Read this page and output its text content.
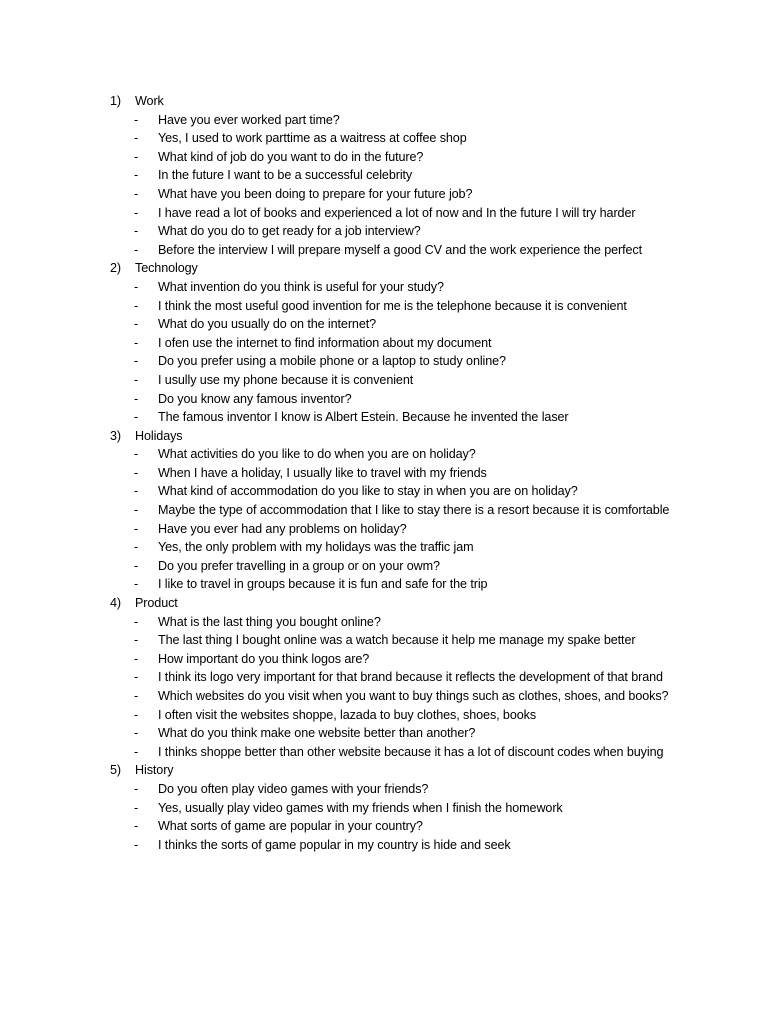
1)	Work
-	Have you ever worked part time?
-	Yes, I used to work parttime as a waitress at coffee shop
-	What kind of job do you want to do in the future?
-	In the future I want to be a successful celebrity
-	What have you been doing to prepare for your future job?
-	I have read a lot of books and experienced a lot of now and In the future I will try harder
-	What do you do to get ready for a job interview?
-	Before the interview I will prepare myself a good CV and the work experience the perfect
2)	Technology
-	What invention do you think is useful for your study?
-	I think the most useful good invention for me is the telephone because it is convenient
-	What do you usually do on the internet?
-	I ofen use the internet to find information about my document
-	Do you prefer using a mobile phone or a laptop to study online?
-	I usully use my phone because it is convenient
-	Do you know any famous inventor?
-	The famous inventor I know is Albert Estein. Because he invented the laser
3)	Holidays
-	What activities do you like to do when you are on holiday?
-	When I have a holiday, I usually like to travel with my friends
-	What kind of accommodation do you like to stay in when you are on holiday?
-	Maybe the type of accommodation that I like to stay there is a resort because it is comfortable
-	Have you ever had any problems on holiday?
-	Yes, the only problem with my holidays was the traffic jam
-	Do you prefer travelling in a group or on your owm?
-	I like to travel in groups because it is fun and safe for the trip
4)	Product
-	What is the last thing you bought online?
-	The last thing I bought online was a watch because it help me manage my spake better
-	How important do you think logos are?
-	I think its logo very important for that brand because it reflects the development of that brand
-	Which websites do you visit when you want to buy things such as clothes, shoes, and books?
-	I often visit the websites shoppe, lazada to buy clothes, shoes, books
-	What do you think make one website better than another?
-	I thinks shoppe better than other website because it has a lot of discount codes when buying
5)	History
-	Do you often play video games with your friends?
-	Yes, usually play video games with my friends when I finish the homework
-	What sorts of game are popular in your country?
-	I thinks the sorts of game popular in my country is hide and seek
